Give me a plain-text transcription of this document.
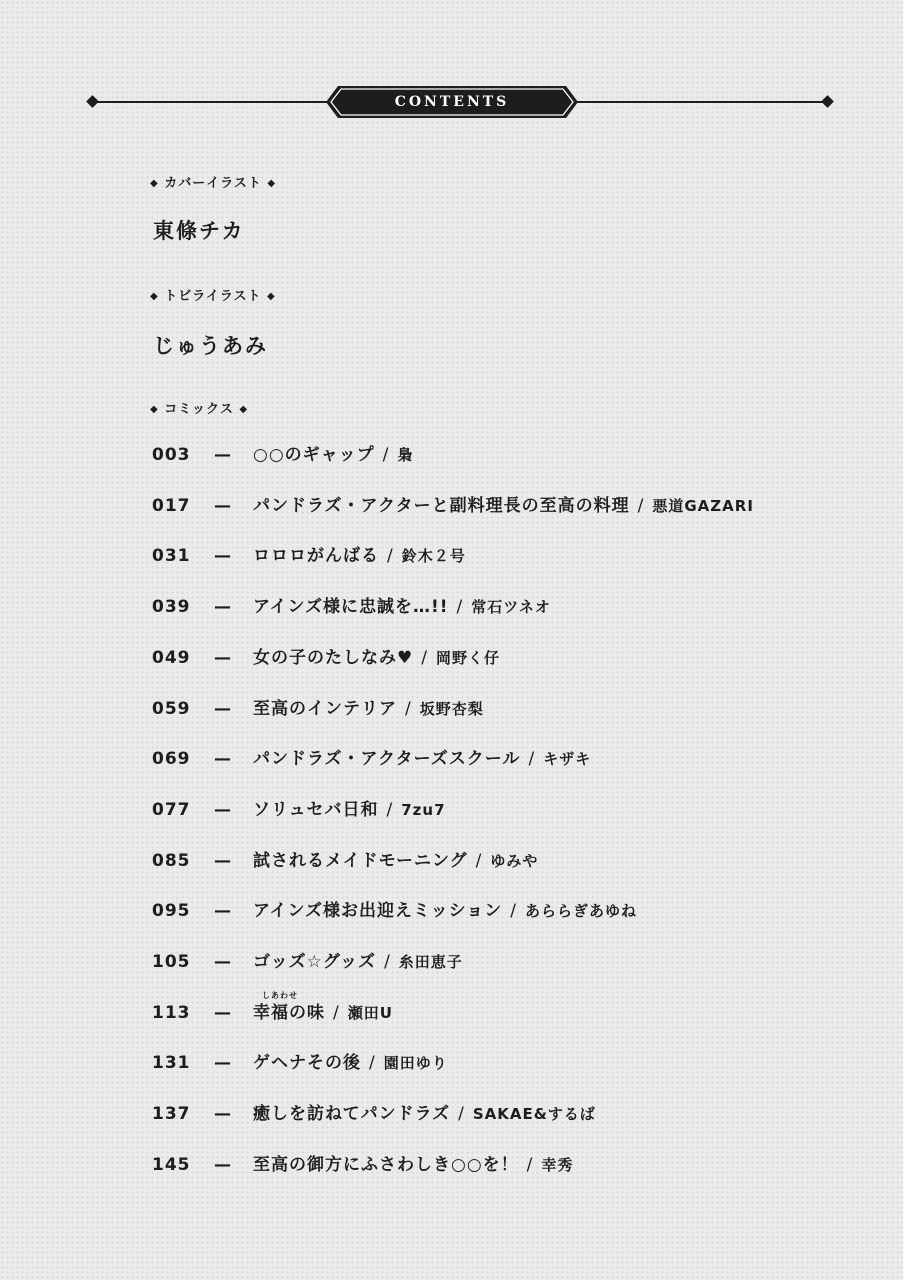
CONTENTS
◆ カバーイラスト ◆
東條チカ
◆ トビライラスト ◆
じゅうあみ
◆ コミックス ◆
しあわせ
003	— ○○のギャップ / 梟
017	— パンドラズ・アクターと副料理長の至高の料理 / 悪道GAZARI
031	— ロロロがんばる / 鈴木２号
039	— アインズ様に忠誠を…!! / 常石ツネオ
049	— 女の子のたしなみ♥ / 岡野く仔
059	— 至高のインテリア / 坂野杏梨
069	— パンドラズ・アクターズスクール / キザキ
077	— ソリュセバ日和 / 7zu7
085	— 試されるメイドモーニング / ゆみや
095	— アインズ様お出迎えミッション / あららぎあゆね
105	— ゴッズ☆グッズ / 糸田恵子
113	— 幸福の味 / 瀬田U
131	— ゲヘナその後 / 園田ゆり
137	— 癒しを訪ねてパンドラズ / SAKAE&するば
145	— 至高の御方にふさわしき○○を！ / 幸秀
